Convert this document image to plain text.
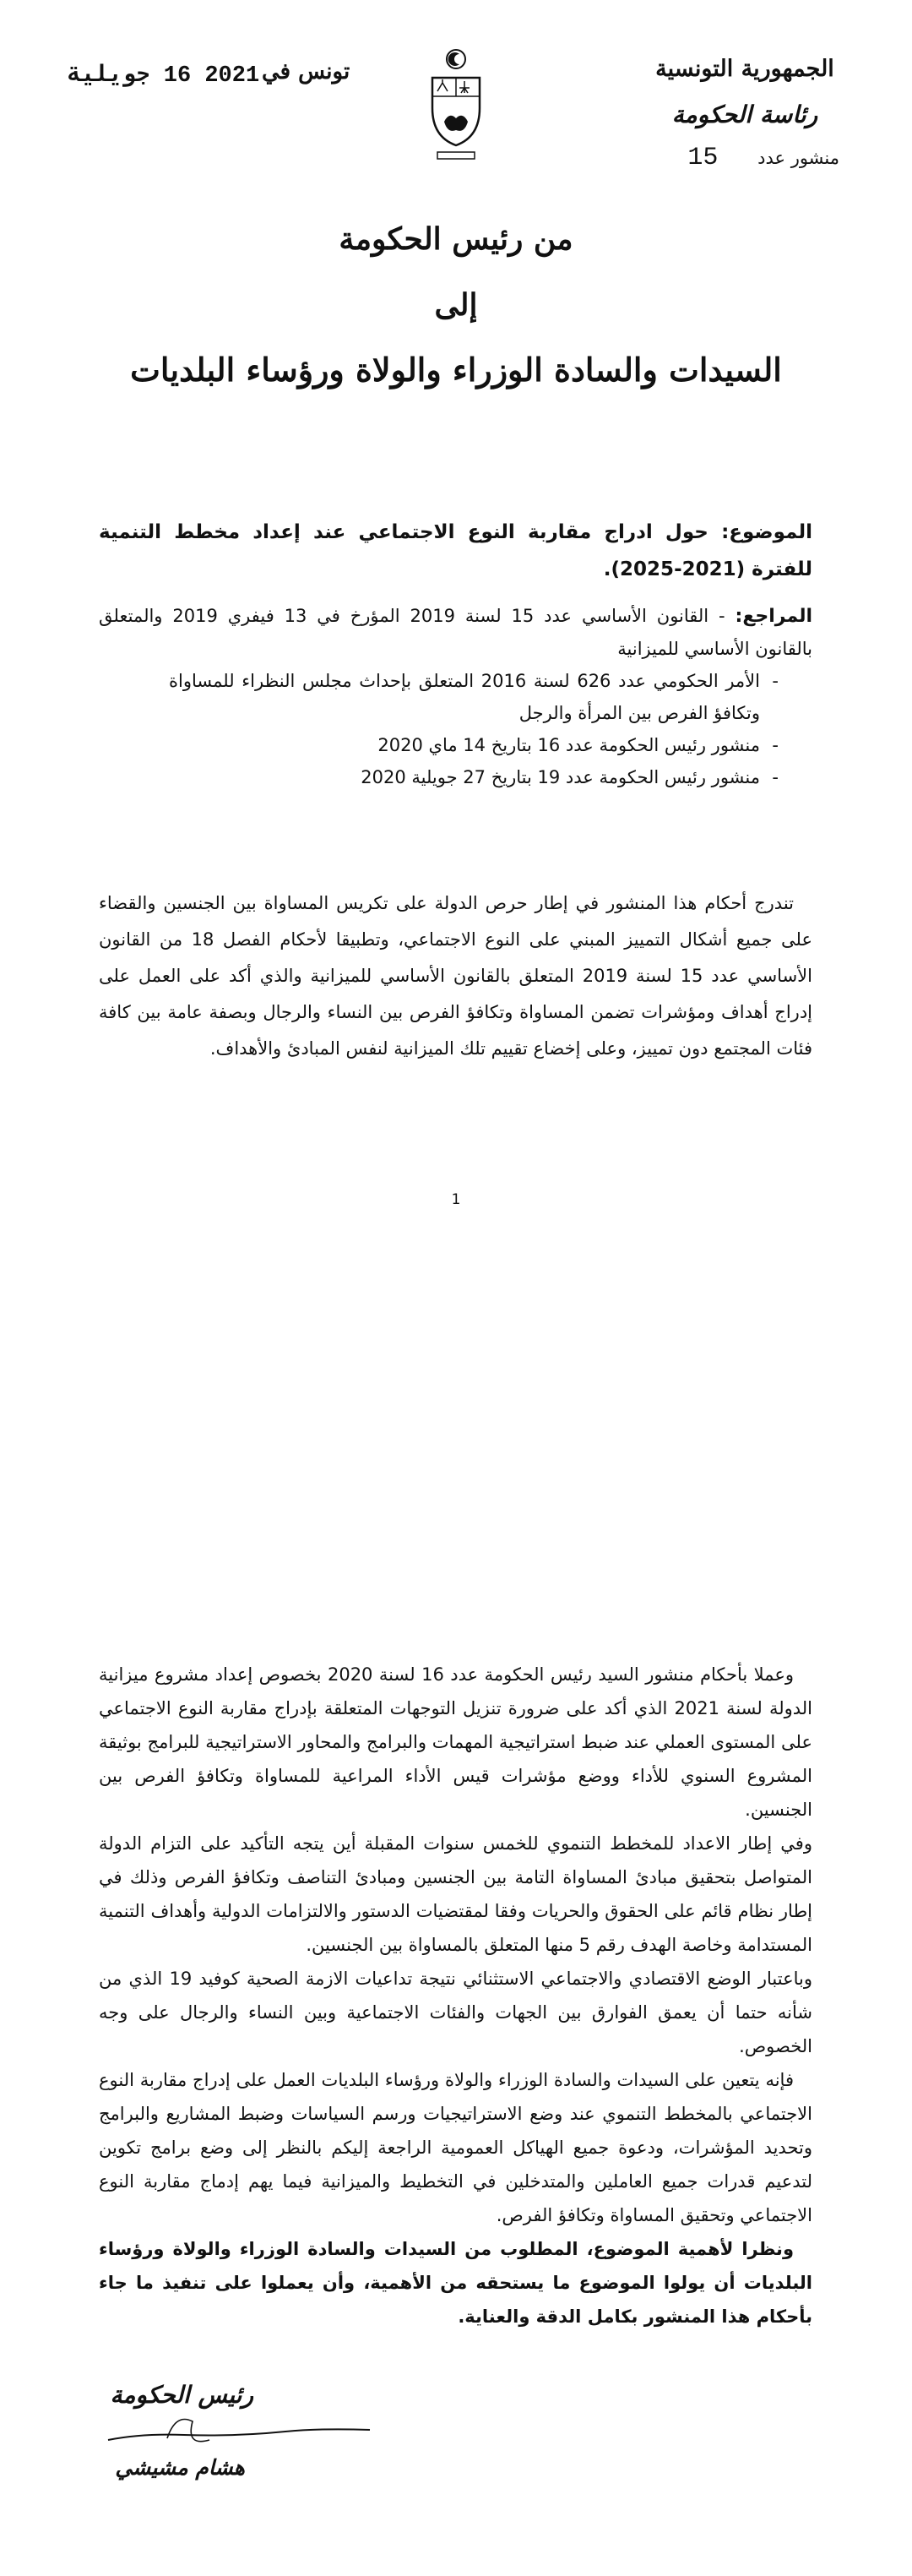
الجمهورية التونسية
رئاسة الحكومة
منشور عدد 15
تونس في
2021 16 جويلية
من رئيس الحكومة
إلى
السيدات والسادة الوزراء والولاة ورؤساء البلديات
الموضوع: حول ادراج مقاربة النوع الاجتماعي عند إعداد مخطط التنمية للفترة (2021-2025).
المراجع: - القانون الأساسي عدد 15 لسنة 2019 المؤرخ في 13 فيفري 2019 والمتعلق بالقانون الأساسي للميزانية
- الأمر الحكومي عدد 626 لسنة 2016 المتعلق بإحداث مجلس النظراء للمساواة وتكافؤ الفرص بين المرأة والرجل
- منشور رئيس الحكومة عدد 16 بتاريخ 14 ماي 2020
- منشور رئيس الحكومة عدد 19 بتاريخ 27 جويلية 2020
تندرج أحكام هذا المنشور في إطار حرص الدولة على تكريس المساواة بين الجنسين والقضاء على جميع أشكال التمييز المبني على النوع الاجتماعي، وتطبيقا لأحكام الفصل 18 من القانون الأساسي عدد 15 لسنة 2019 المتعلق بالقانون الأساسي للميزانية والذي أكد على العمل على إدراج أهداف ومؤشرات تضمن المساواة وتكافؤ الفرص بين النساء والرجال وبصفة عامة بين كافة فئات المجتمع دون تمييز، وعلى إخضاع تقييم تلك الميزانية لنفس المبادئ والأهداف.
1

وعملا بأحكام منشور السيد رئيس الحكومة عدد 16 لسنة 2020 بخصوص إعداد مشروع ميزانية الدولة لسنة 2021 الذي أكد على ضرورة تنزيل التوجهات المتعلقة بإدراج مقاربة النوع الاجتماعي على المستوى العملي عند ضبط استراتيجية المهمات والبرامج والمحاور الاستراتيجية للبرامج بوثيقة المشروع السنوي للأداء ووضع مؤشرات قيس الأداء المراعية للمساواة وتكافؤ الفرص بين الجنسين.

وفي إطار الاعداد للمخطط التنموي للخمس سنوات المقبلة أين يتجه التأكيد على التزام الدولة المتواصل بتحقيق مبادئ المساواة التامة بين الجنسين ومبادئ التناصف وتكافؤ الفرص وذلك في إطار نظام قائم على الحقوق والحريات وفقا لمقتضيات الدستور والالتزامات الدولية وأهداف التنمية المستدامة وخاصة الهدف رقم 5 منها المتعلق بالمساواة بين الجنسين.

وباعتبار الوضع الاقتصادي والاجتماعي الاستثنائي نتيجة تداعيات الازمة الصحية كوفيد 19 الذي من شأنه حتما أن يعمق الفوارق بين الجهات والفئات الاجتماعية وبين النساء والرجال على وجه الخصوص.

فإنه يتعين على السيدات والسادة الوزراء والولاة ورؤساء البلديات العمل على إدراج مقاربة النوع الاجتماعي بالمخطط التنموي عند وضع الاستراتيجيات ورسم السياسات وضبط المشاريع والبرامج وتحديد المؤشرات، ودعوة جميع الهياكل العمومية الراجعة إليكم بالنظر إلى وضع برامج تكوين لتدعيم قدرات جميع العاملين والمتدخلين في التخطيط والميزانية فيما يهم إدماج مقاربة النوع الاجتماعي وتحقيق المساواة وتكافؤ الفرص.

ونظرا لأهمية الموضوع، المطلوب من السيدات والسادة الوزراء والولاة ورؤساء البلديات أن يولوا الموضوع ما يستحقه من الأهمية، وأن يعملوا على تنفيذ ما جاء بأحكام هذا المنشور بكامل الدقة والعناية.

رئيس الحكومة
هشام مشيشي
